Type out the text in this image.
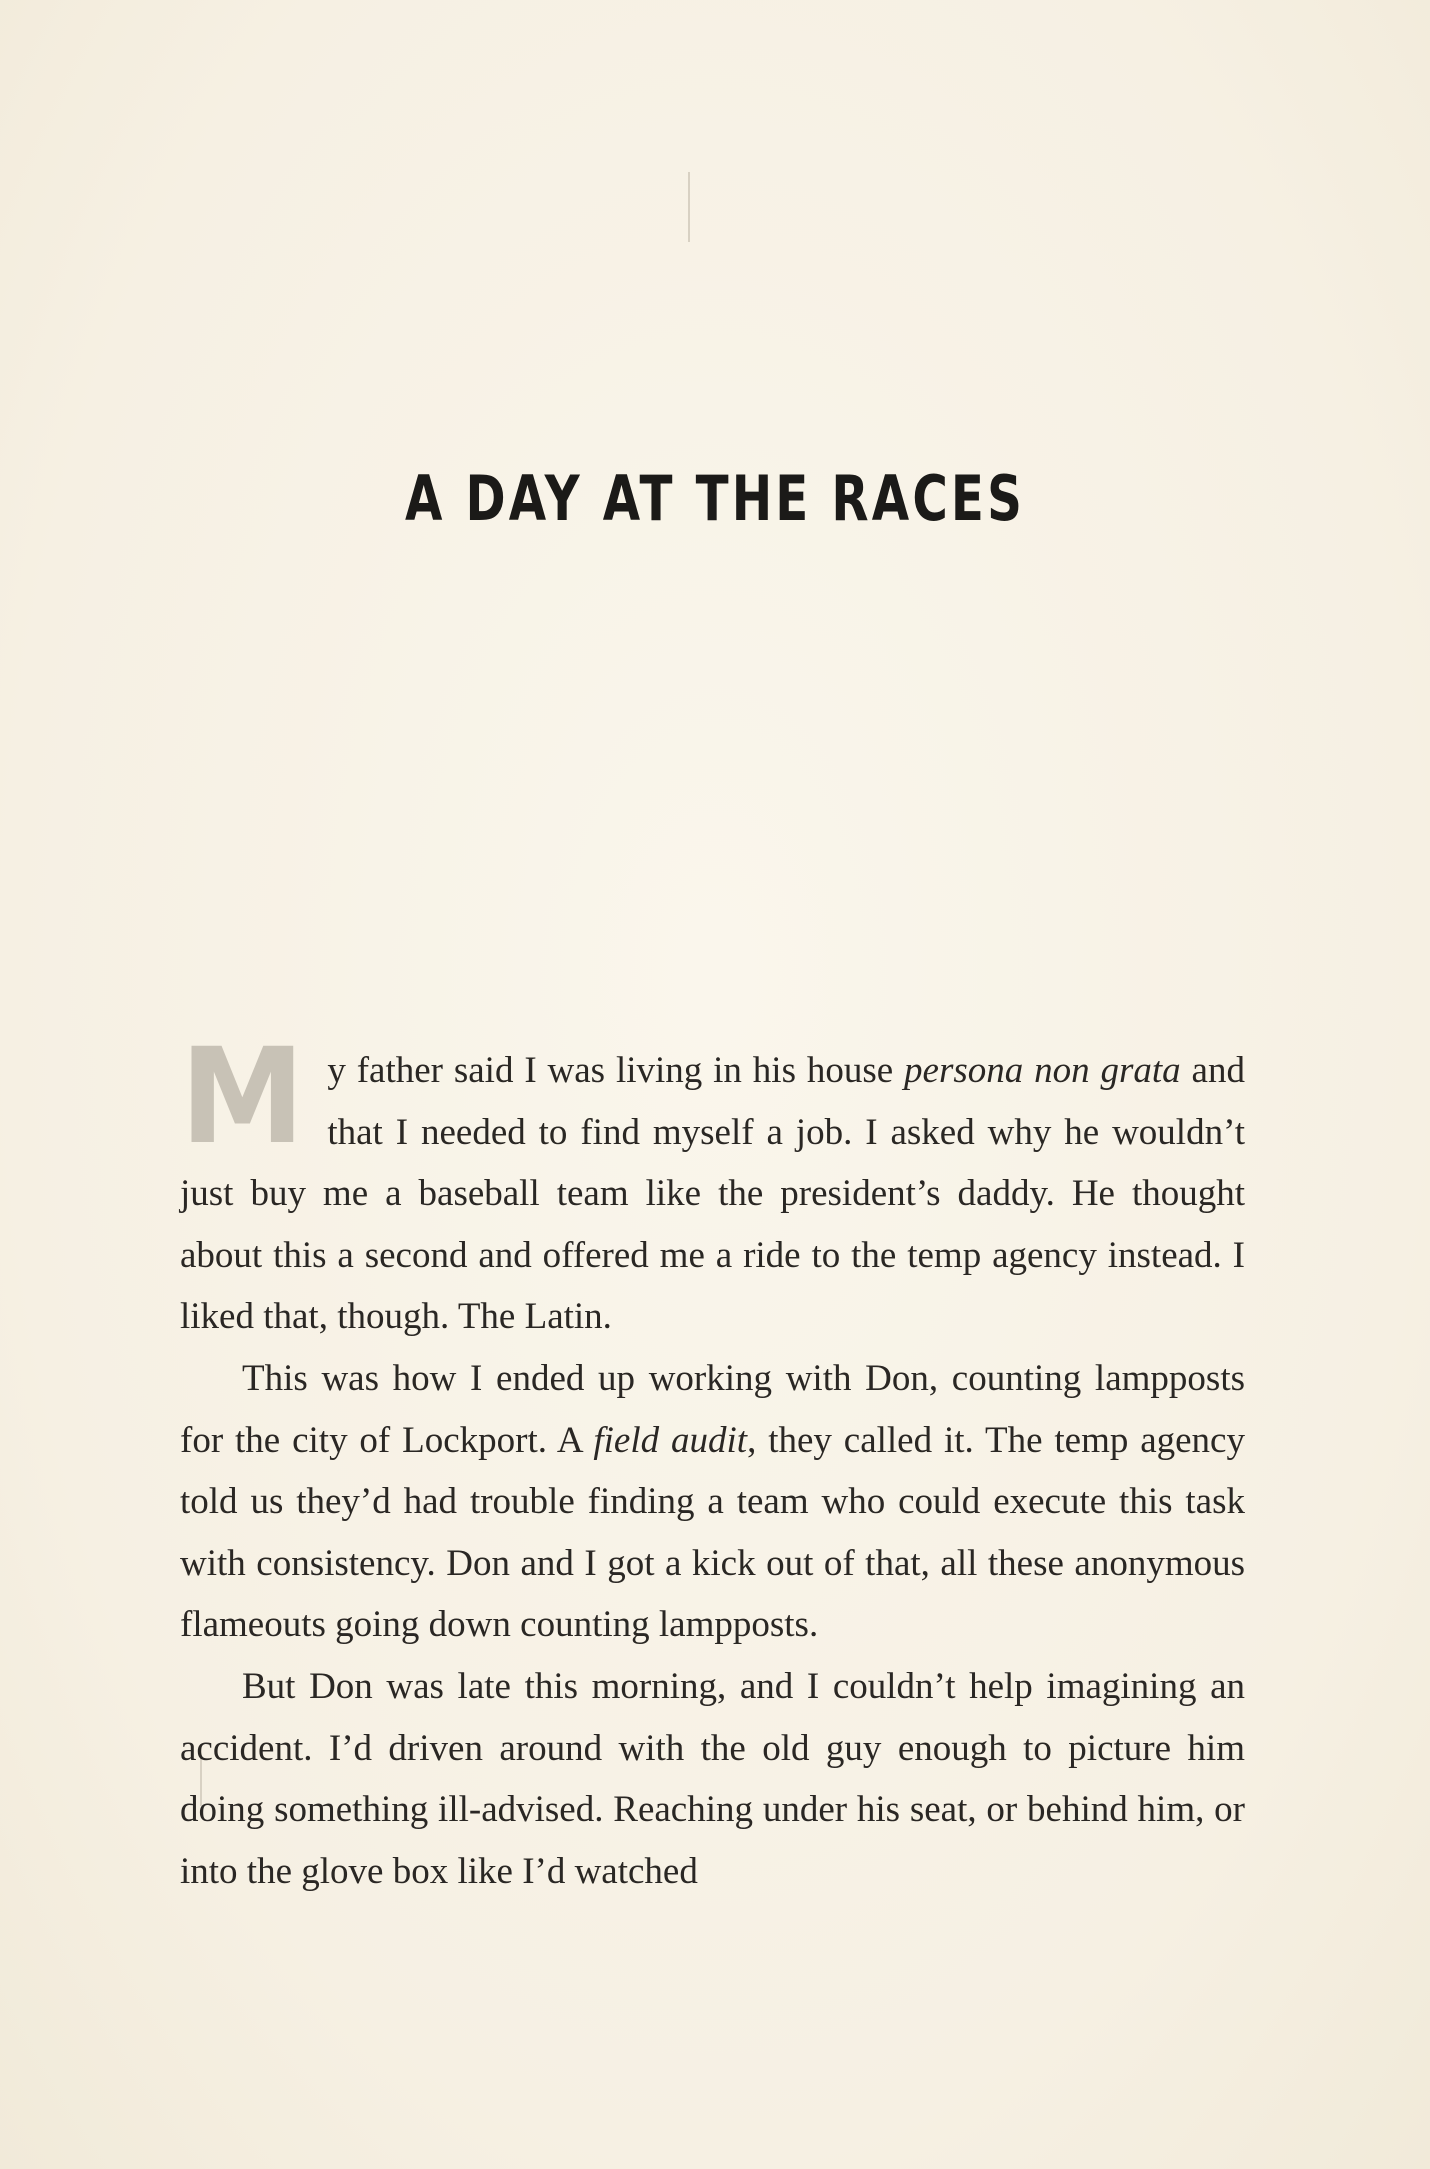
A DAY AT THE RACES

My father said I was living in his house persona non grata and that I needed to find myself a job. I asked why he wouldn’t just buy me a baseball team like the president’s daddy. He thought about this a second and offered me a ride to the temp agency instead. I liked that, though. The Latin.

This was how I ended up working with Don, counting lampposts for the city of Lockport. A field audit, they called it. The temp agency told us they’d had trouble finding a team who could execute this task with consistency. Don and I got a kick out of that, all these anonymous flameouts going down counting lampposts.

But Don was late this morning, and I couldn’t help imagining an accident. I’d driven around with the old guy enough to picture him doing something ill-advised. Reaching under his seat, or behind him, or into the glove box like I’d watched
